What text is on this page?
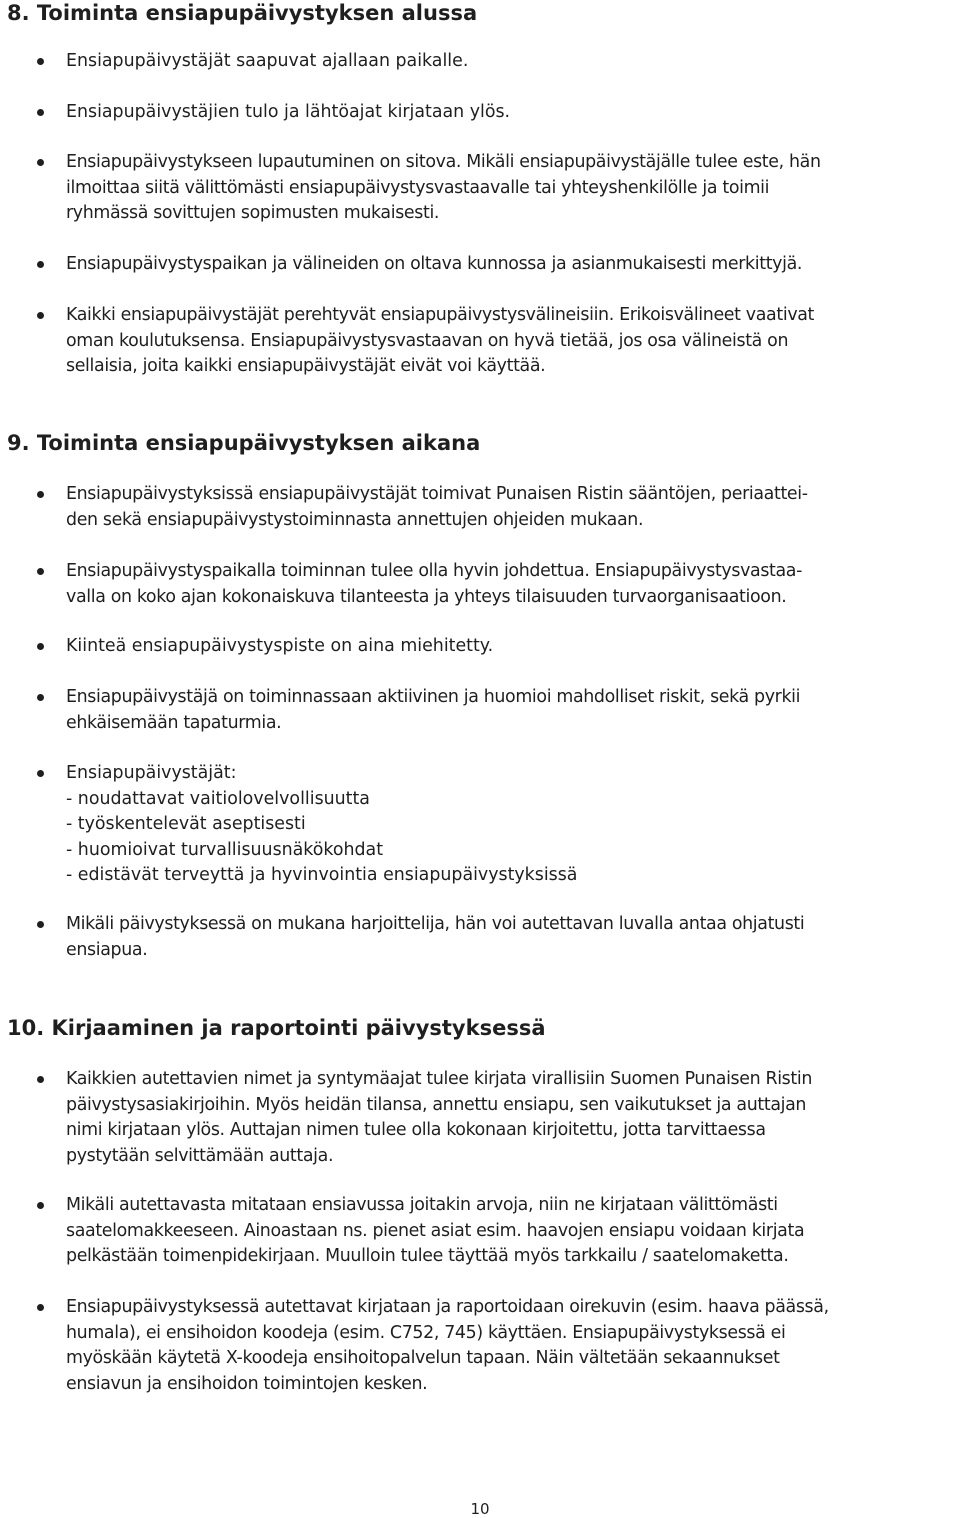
8. Toiminta ensiapupäivystyksen alussa
Ensiapupäivystäjät saapuvat ajallaan paikalle.
Ensiapupäivystäjien tulo ja lähtöajat kirjataan ylös.
Ensiapupäivystykseen lupautuminen on sitova. Mikäli ensiapupäivystäjälle tulee este, hän
ilmoittaa siitä välittömästi ensiapupäivystysvastaavalle tai yhteyshenkilölle ja toimii
ryhmässä sovittujen sopimusten mukaisesti.
Ensiapupäivystyspaikan ja välineiden on oltava kunnossa ja asianmukaisesti merkittyjä.
Kaikki ensiapupäivystäjät perehtyvät ensiapupäivystysvälineisiin. Erikoisvälineet vaativat
oman koulutuksensa. Ensiapupäivystysvastaavan on hyvä tietää, jos osa välineistä on
sellaisia, joita kaikki ensiapupäivystäjät eivät voi käyttää.
9. Toiminta ensiapupäivystyksen aikana
Ensiapupäivystyksissä ensiapupäivystäjät toimivat Punaisen Ristin sääntöjen, periaattei-
den sekä ensiapupäivystystoiminnasta annettujen ohjeiden mukaan.
Ensiapupäivystyspaikalla toiminnan tulee olla hyvin johdettua. Ensiapupäivystysvastaa-
valla on koko ajan kokonaiskuva tilanteesta ja yhteys tilaisuuden turvaorganisaatioon.
Kiinteä ensiapupäivystyspiste on aina miehitetty.
Ensiapupäivystäjä on toiminnassaan aktiivinen ja huomioi mahdolliset riskit, sekä pyrkii
ehkäisemään tapaturmia.
Ensiapupäivystäjät:
- noudattavat vaitiolovelvollisuutta
- työskentelevät aseptisesti
- huomioivat turvallisuusnäkökohdat
- edistävät terveyttä ja hyvinvointia ensiapupäivystyksissä
Mikäli päivystyksessä on mukana harjoittelija, hän voi autettavan luvalla antaa ohjatusti
ensiapua.
10. Kirjaaminen ja raportointi päivystyksessä
Kaikkien autettavien nimet ja syntymäajat tulee kirjata virallisiin Suomen Punaisen Ristin
päivystysasiakirjoihin. Myös heidän tilansa, annettu ensiapu, sen vaikutukset ja auttajan
nimi kirjataan ylös. Auttajan nimen tulee olla kokonaan kirjoitettu, jotta tarvittaessa
pystytään selvittämään auttaja.
Mikäli autettavasta mitataan ensiavussa joitakin arvoja, niin ne kirjataan välittömästi
saatelomakkeeseen. Ainoastaan ns. pienet asiat esim. haavojen ensiapu voidaan kirjata
pelkästään toimenpidekirjaan. Muulloin tulee täyttää myös tarkkailu / saatelomaketta.
Ensiapupäivystyksessä autettavat kirjataan ja raportoidaan oirekuvin (esim. haava päässä,
humala), ei ensihoidon koodeja (esim. C752, 745) käyttäen. Ensiapupäivystyksessä ei
myöskään käytetä X-koodeja ensihoitopalvelun tapaan. Näin vältetään sekaannukset
ensiavun ja ensihoidon toimintojen kesken.
10
